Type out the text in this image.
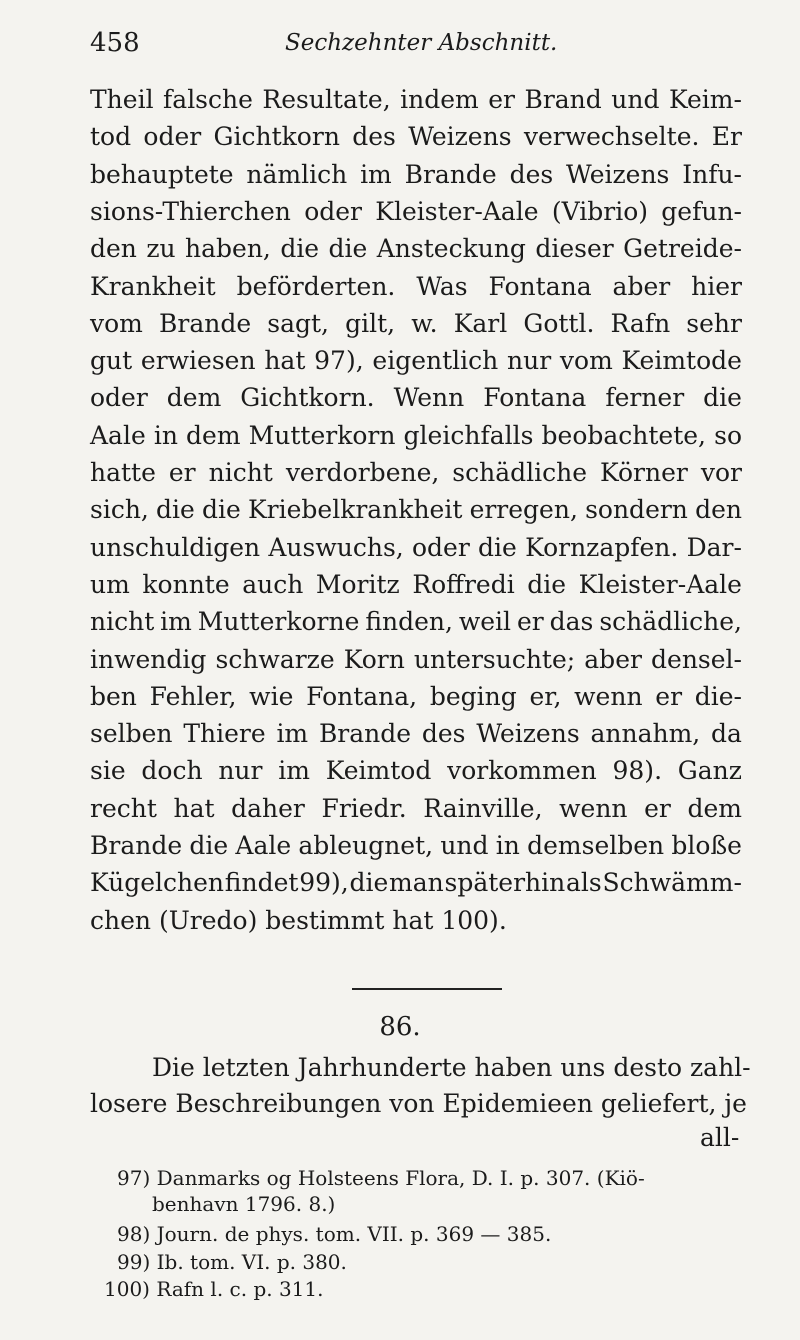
458	Sechzehnter Abschnitt.
Theil falsche Resultate, indem er Brand und Keim-
tod oder Gichtkorn des Weizens verwechselte. Er
behauptete nämlich im Brande des Weizens Infu-
sions-Thierchen oder Kleister-Aale (Vibrio) gefun-
den zu haben, die die Ansteckung dieser Getreide-
Krankheit beförderten. Was Fontana aber hier
vom Brande sagt, gilt, w. Karl Gottl. Rafn sehr
gut erwiesen hat 97), eigentlich nur vom Keimtode
oder dem Gichtkorn. Wenn Fontana ferner die
Aale in dem Mutterkorn gleichfalls beobachtete, so
hatte er nicht verdorbene, schädliche Körner vor
sich, die die Kriebelkrankheit erregen, sondern den
unschuldigen Auswuchs, oder die Kornzapfen. Dar-
um konnte auch Moritz Roffredi die Kleister-Aale
nicht im Mutterkorne finden, weil er das schädliche,
inwendig schwarze Korn untersuchte; aber densel-
ben Fehler, wie Fontana, beging er, wenn er die-
selben Thiere im Brande des Weizens annahm, da
sie doch nur im Keimtod vorkommen 98). Ganz
recht hat daher Friedr. Rainville, wenn er dem
Brande die Aale ableugnet, und in demselben bloße
Kügelchen findet 99), die man späterhin als Schwämm-
chen (Uredo) bestimmt hat 100).
86.
Die letzten Jahrhunderte haben uns desto zahl-
losere Beschreibungen von Epidemieen geliefert, je
all-
97) Danmarks og Holsteens Flora, D. I. p. 307. (Kiö-
benhavn 1796. 8.)
98) Journ. de phys. tom. VII. p. 369 — 385.
99) Ib. tom. VI. p. 380.
100) Rafn l. c. p. 311.
